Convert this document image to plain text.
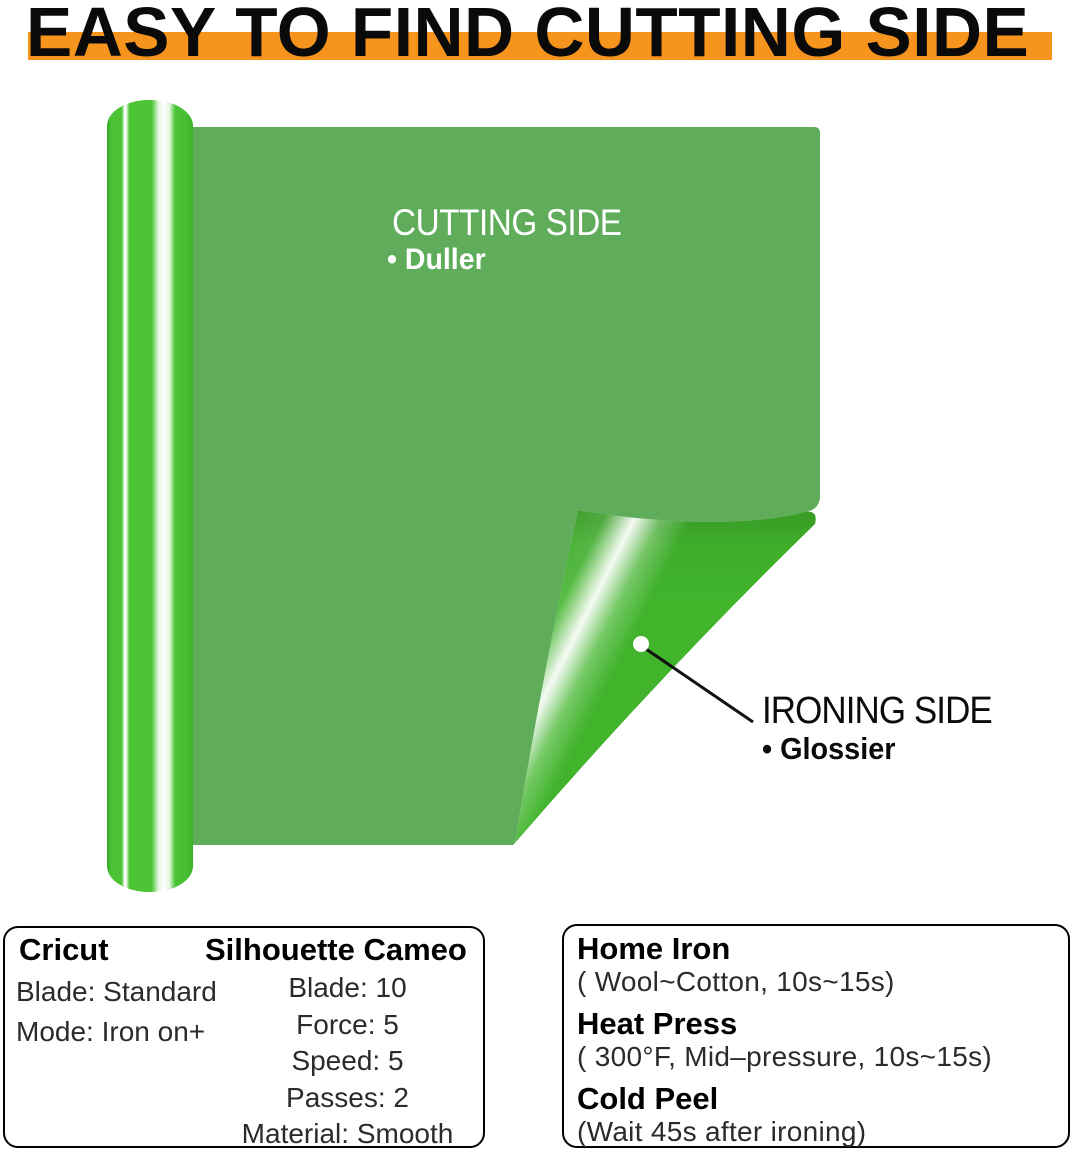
EASY TO FIND CUTTING SIDE
CUTTING SIDE
• Duller
IRONING SIDE
• Glossier
Cricut	Silhouette Cameo
Blade: Standard
Mode: Iron on+
Blade: 10
Force: 5
Speed: 5
Passes: 2
Material: Smooth
Home Iron
( Wool~Cotton, 10s~15s)
Heat Press
( 300°F, Mid–pressure, 10s~15s)
Cold Peel
(Wait 45s after ironing)
